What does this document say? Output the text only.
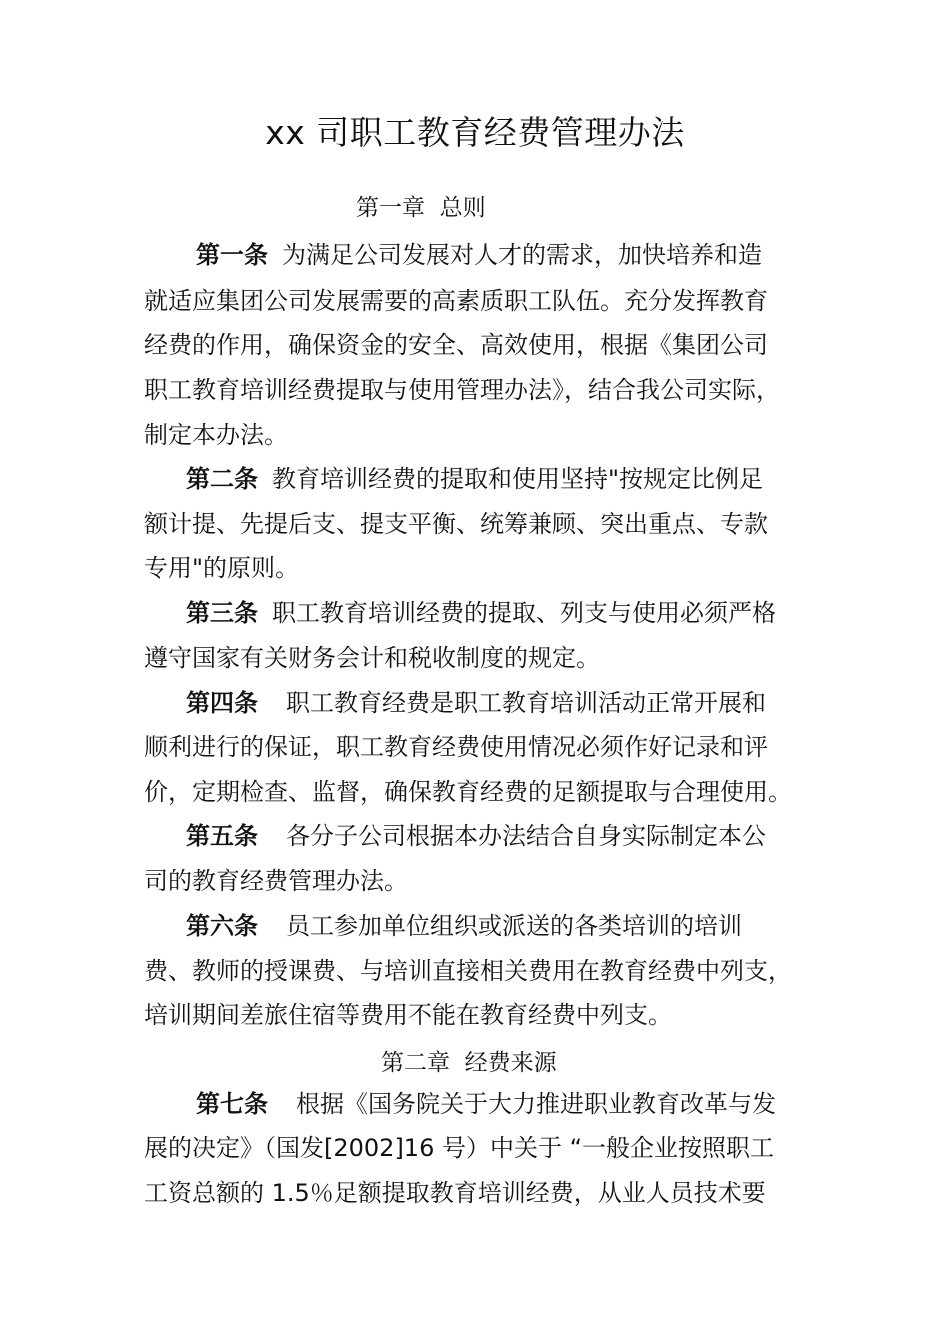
xx 司职工教育经费管理办法
第一章  总则
第一条 为满足公司发展对人才的需求，加快培养和造
就适应集团公司发展需要的高素质职工队伍。充分发挥教育
经费的作用，确保资金的安全、高效使用，根据《集团公司
职工教育培训经费提取与使用管理办法》，结合我公司实际，
制定本办法。
第二条 教育培训经费的提取和使用坚持"按规定比例足
额计提、先提后支、提支平衡、统筹兼顾、突出重点、专款
专用"的原则。
第三条 职工教育培训经费的提取、列支与使用必须严格
遵守国家有关财务会计和税收制度的规定。
第四条 职工教育经费是职工教育培训活动正常开展和
顺利进行的保证，职工教育经费使用情况必须作好记录和评
价，定期检查、监督，确保教育经费的足额提取与合理使用。
第五条 各分子公司根据本办法结合自身实际制定本公
司的教育经费管理办法。
第六条 员工参加单位组织或派送的各类培训的培训
费、教师的授课费、与培训直接相关费用在教育经费中列支，
培训期间差旅住宿等费用不能在教育经费中列支。
第二章  经费来源
第七条 根据《国务院关于大力推进职业教育改革与发
展的决定》（国发[2002]16 号）中关于 “一般企业按照职工
工资总额的 1.5％足额提取教育培训经费，从业人员技术要
